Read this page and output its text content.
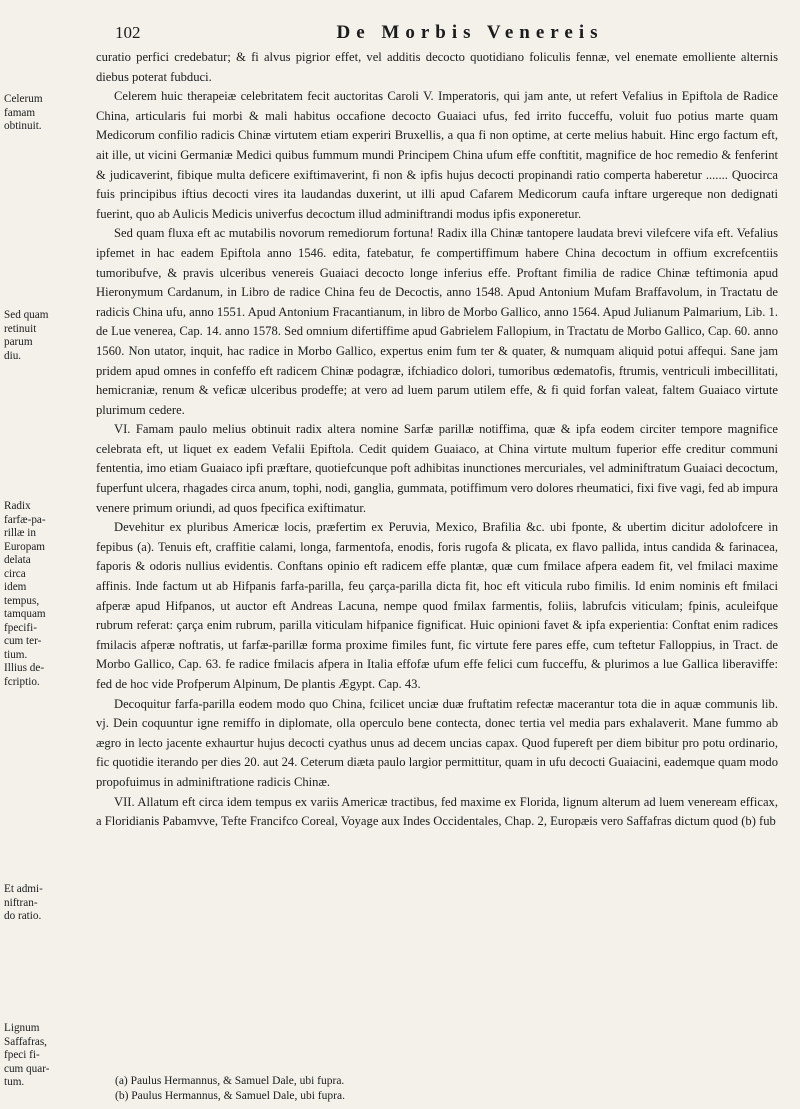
102	De Morbis Venereis
Celerum
famam
obtinuit.
Sed quam
retinuit
parum
diu.
Radix
farfæ-pa-
rillæ in
Europam
delata
circa
idem
tempus,
tamquam
fpecifi-
cum ter-
tium.
Illius de-
fcriptio.
Et admi-
niftran-
do ratio.
Lignum
Saffafras,
fpeci fi-
cum quar-
tum.

curatio perfici credebatur; & fi alvus pigrior effet, vel additis decocto quotidiano foliculis fennæ, vel enemate emolliente alternis diebus poterat fubduci.

Celerem huic therapeiæ celebritatem fecit auctoritas Caroli V. Imperatoris, qui jam ante, ut refert Vefalius in Epiftola de Radice China, articularis fui morbi & mali habitus occafione decocto Guaiaci ufus, fed irrito fucceffu, voluit fuo potius marte quam Medicorum confilio radicis Chinæ virtutem etiam experiri Bruxellis, a qua fi non optime, at certe melius habuit. Hinc ergo factum eft, ait ille, ut vicini Germaniæ Medici quibus fummum mundi Principem China ufum effe conftitit, magnifice de hoc remedio & fenferint & judicaverint, fibique multa deficere exiftimaverint, fi non & ipfis hujus decocti propinandi ratio comperta haberetur ....... Quocirca fuis principibus iftius decocti vires ita laudandas duxerint, ut illi apud Cafarem Medicorum caufa inftare urgereque non dedignati fuerint, quo ab Aulicis Medicis univerfus decoctum illud adminiftrandi modus ipfis exponeretur.

Sed quam fluxa eft ac mutabilis novorum remediorum fortuna! Radix illa Chinæ tantopere laudata brevi vilefcere vifa eft. Vefalius ipfemet in hac eadem Epiftola anno 1546. edita, fatebatur, fe compertiffimum habere China decoctum in offium excrefcentiis tumoribufve, & pravis ulceribus venereis Guaiaci decocto longe inferius effe. Proftant fimilia de radice Chinæ teftimonia apud Hieronymum Cardanum, in Libro de radice China feu de Decoctis, anno 1548. Apud Antonium Mufam Braffavolum, in Tractatu de radicis China ufu, anno 1551. Apud Antonium Fracantianum, in libro de Morbo Gallico, anno 1564. Apud Julianum Palmarium, Lib. 1. de Lue venerea, Cap. 14. anno 1578. Sed omnium difertiffime apud Gabrielem Fallopium, in Tractatu de Morbo Gallico, Cap. 60. anno 1560. Non utator, inquit, hac radice in Morbo Gallico, expertus enim fum ter & quater, & numquam aliquid potui affequi. Sane jam pridem apud omnes in confeffo eft radicem Chinæ podagræ, ifchiadico dolori, tumoribus œdematofis, ftrumis, ventriculi imbecillitati, hemicraniæ, renum & veficæ ulceribus prodeffe; at vero ad luem parum utilem effe, & fi quid forfan valeat, faltem Guaiaco virtute plurimum cedere.

VI. Famam paulo melius obtinuit radix altera nomine Sarfæ parillæ notiffima, quæ & ipfa eodem circiter tempore magnifice celebrata eft, ut liquet ex eadem Vefalii Epiftola. Cedit quidem Guaiaco, at China virtute multum fuperior effe creditur communi fententia, imo etiam Guaiaco ipfi præftare, quotiefcunque poft adhibitas inunctiones mercuriales, vel adminiftratum Guaiaci decoctum, fuperfunt ulcera, rhagades circa anum, tophi, nodi, ganglia, gummata, potiffimum vero dolores rheumatici, fixi five vagi, fed ab impura venere primum oriundi, ad quos fpecifica exiftimatur.

Devehitur ex pluribus Americæ locis, præfertim ex Peruvia, Mexico, Brafilia &c. ubi fponte, & ubertim dicitur adolofcere in fepibus (a). Tenuis eft, craffitie calami, longa, farmentofa, enodis, foris rugofa & plicata, ex flavo pallida, intus candida & farinacea, faporis & odoris nullius evidentis. Conftans opinio eft radicem effe plantæ, quæ cum fmilace afpera eadem fit, vel fmilaci maxime affinis. Inde factum ut ab Hifpanis farfa-parilla, feu çarça-parilla dicta fit, hoc eft viticula rubo fimilis. Id enim nominis eft fmilaci afperæ apud Hifpanos, ut auctor eft Andreas Lacuna, nempe quod fmilax farmentis, foliis, labrufcis viticulam; fpinis, aculeifque rubrum referat: çarça enim rubrum, parilla viticulam hifpanice fignificat. Huic opinioni favet & ipfa experientia: Conftat enim radices fmilacis afperæ noftratis, ut farfæ-parillæ forma proxime fimiles funt, fic virtute fere pares effe, cum teftetur Falloppius, in Tract. de Morbo Gallico, Cap. 63. fe radice fmilacis afpera in Italia effofæ ufum effe felici cum fucceffu, & plurimos a lue Gallica liberaviffe: fed de hoc vide Profperum Alpinum, De plantis Ægypt. Cap. 43.

Decoquitur farfa-parilla eodem modo quo China, fcilicet unciæ duæ fruftatim refectæ macerantur tota die in aquæ communis lib. vj. Dein coquuntur igne remiffo in diplomate, olla operculo bene contecta, donec tertia vel media pars exhalaverit. Mane fummo ab ægro in lecto jacente exhaurtur hujus decocti cyathus unus ad decem uncias capax. Quod fupereft per diem bibitur pro potu ordinario, fic quotidie iterando per dies 20. aut 24. Ceterum diæta paulo largior permittitur, quam in ufu decocti Guaiacini, eademque quam modo propofuimus in adminiftratione radicis Chinæ.

VII. Allatum eft circa idem tempus ex variis Americæ tractibus, fed maxime ex Florida, lignum alterum ad luem veneream efficax, a Floridianis Pabamvve, Tefte Francifco Coreal, Voyage aux Indes Occidentales, Chap. 2, Europæis vero Saffafras dictum quod (b) fub

(a) Paulus Hermannus, & Samuel Dale, ubi fupra.

(b) Paulus Hermannus, & Samuel Dale, ubi fupra.
